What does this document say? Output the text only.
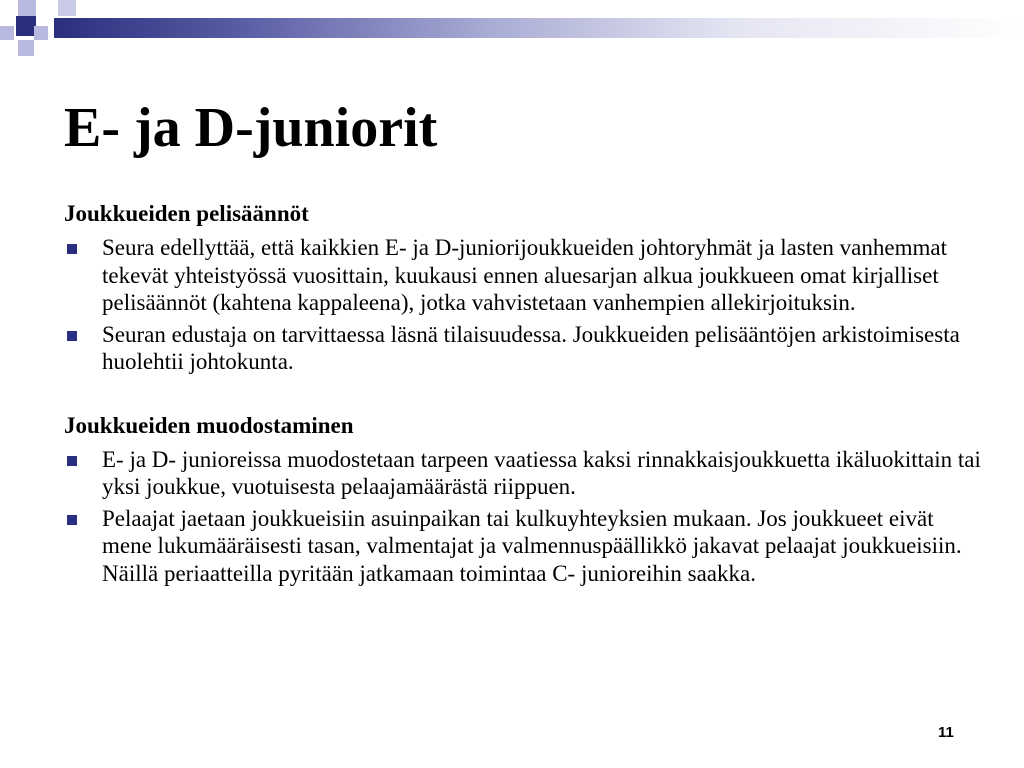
E- ja D-juniorit

Joukkueiden pelisäännöt

Seura edellyttää, että kaikkien E- ja D-juniorijoukkueiden johtoryhmät ja lasten vanhemmat tekevät yhteistyössä vuosittain, kuukausi ennen aluesarjan alkua joukkueen omat kirjalliset pelisäännöt (kahtena kappaleena), jotka vahvistetaan vanhempien allekirjoituksin.
Seuran edustaja on tarvittaessa läsnä tilaisuudessa. Joukkueiden pelisääntöjen arkistoimisesta huolehtii johtokunta.

Joukkueiden muodostaminen

E- ja D- junioreissa muodostetaan tarpeen vaatiessa kaksi rinnakkaisjoukkuetta ikäluokittain tai yksi joukkue, vuotuisesta pelaajamäärästä riippuen.
Pelaajat jaetaan joukkueisiin asuinpaikan tai kulkuyhteyksien mukaan. Jos joukkueet eivät mene lukumääräisesti tasan, valmentajat ja valmennuspäällikkö jakavat pelaajat joukkueisiin. Näillä periaatteilla pyritään jatkamaan toimintaa C- junioreihin saakka.

11
